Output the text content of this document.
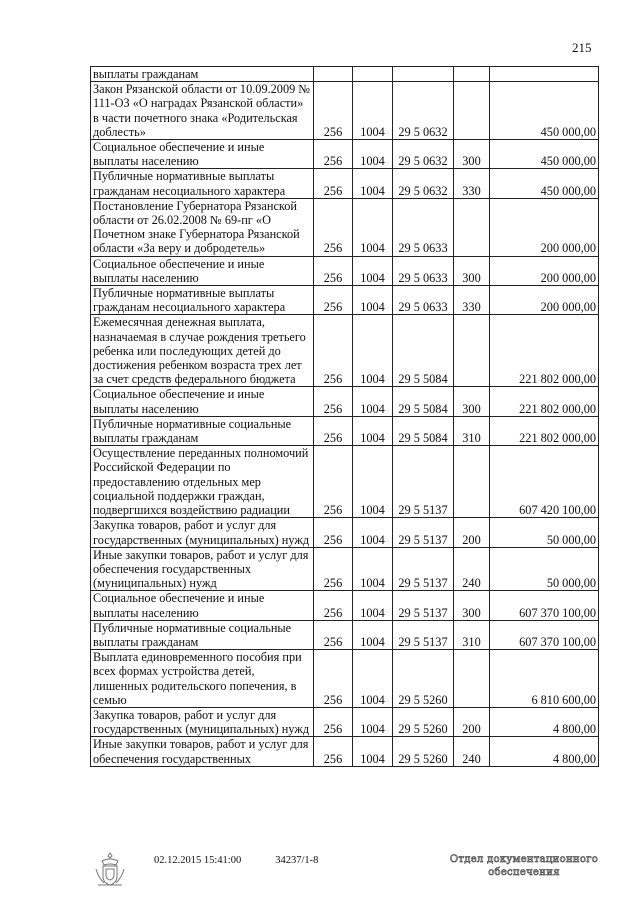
215
выплаты гражданам					
Закон Рязанской области от 10.09.2009 № 111-ОЗ «О наградах Рязанской области» в части почетного знака «Родительская доблесть»	256	1004	29 5 0632		450 000,00
Социальное обеспечение и иные выплаты населению	256	1004	29 5 0632	300	450 000,00
Публичные нормативные выплаты гражданам несоциального характера	256	1004	29 5 0632	330	450 000,00
Постановление Губернатора Рязанской области от 26.02.2008 № 69-пг «О Почетном знаке Губернатора Рязанской области «За веру и добродетель»	256	1004	29 5 0633		200 000,00
Социальное обеспечение и иные выплаты населению	256	1004	29 5 0633	300	200 000,00
Публичные нормативные выплаты гражданам несоциального характера	256	1004	29 5 0633	330	200 000,00
Ежемесячная денежная выплата, назначаемая в случае рождения третьего ребенка или последующих детей до достижения ребенком возраста трех лет за счет средств федерального бюджета	256	1004	29 5 5084		221 802 000,00
Социальное обеспечение и иные выплаты населению	256	1004	29 5 5084	300	221 802 000,00
Публичные нормативные социальные выплаты гражданам	256	1004	29 5 5084	310	221 802 000,00
Осуществление переданных полномочий Российской Федерации по предоставлению отдельных мер социальной поддержки граждан, подвергшихся воздействию радиации	256	1004	29 5 5137		607 420 100,00
Закупка товаров, работ и услуг для государственных (муниципальных) нужд	256	1004	29 5 5137	200	50 000,00
Иные закупки товаров, работ и услуг для обеспечения государственных (муниципальных) нужд	256	1004	29 5 5137	240	50 000,00
Социальное обеспечение и иные выплаты населению	256	1004	29 5 5137	300	607 370 100,00
Публичные нормативные социальные выплаты гражданам	256	1004	29 5 5137	310	607 370 100,00
Выплата единовременного пособия при всех формах устройства детей, лишенных родительского попечения, в семью	256	1004	29 5 5260		6 810 600,00
Закупка товаров, работ и услуг для государственных (муниципальных) нужд	256	1004	29 5 5260	200	4 800,00
Иные закупки товаров, работ и услуг для обеспечения государственных	256	1004	29 5 5260	240	4 800,00
02.12.2015 15:41:00	34237/1-8	Отдел документационного
обеспечения
